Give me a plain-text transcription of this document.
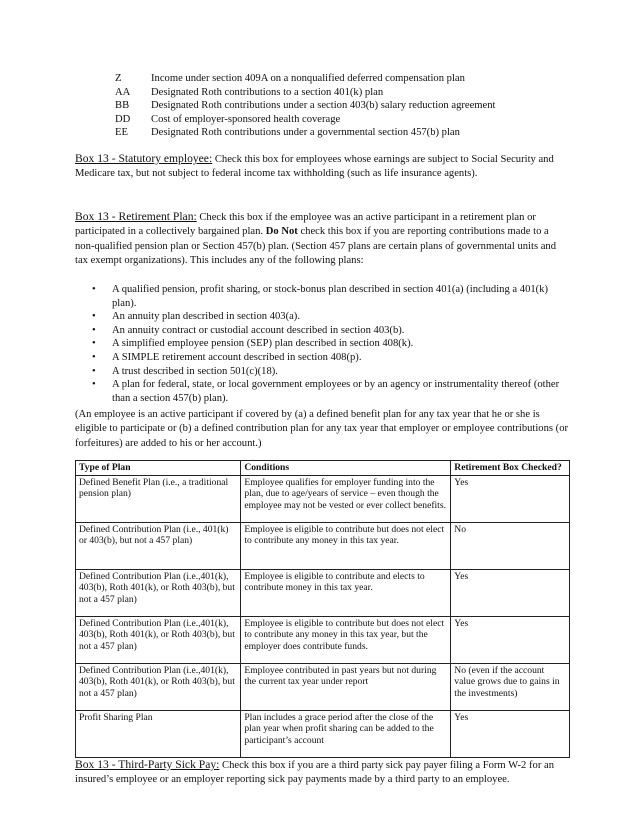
Z	Income under section 409A on a nonqualified deferred compensation plan
AA	Designated Roth contributions to a section 401(k) plan
BB	Designated Roth contributions under a section 403(b) salary reduction agreement
DD	Cost of employer-sponsored health coverage
EE	Designated Roth contributions under a governmental section 457(b) plan
Box 13 - Statutory employee: Check this box for employees whose earnings are subject to Social Security and Medicare tax, but not subject to federal income tax withholding (such as life insurance agents).
Box 13 - Retirement Plan: Check this box if the employee was an active participant in a retirement plan or participated in a collectively bargained plan. Do Not check this box if you are reporting contributions made to a non-qualified pension plan or Section 457(b) plan. (Section 457 plans are certain plans of governmental units and tax exempt organizations). This includes any of the following plans:
• A qualified pension, profit sharing, or stock-bonus plan described in section 401(a) (including a 401(k) plan).
• An annuity plan described in section 403(a).
• An annuity contract or custodial account described in section 403(b).
• A simplified employee pension (SEP) plan described in section 408(k).
• A SIMPLE retirement account described in section 408(p).
• A trust described in section 501(c)(18).
• A plan for federal, state, or local government employees or by an agency or instrumentality thereof (other than a section 457(b) plan).
(An employee is an active participant if covered by (a) a defined benefit plan for any tax year that he or she is eligible to participate or (b) a defined contribution plan for any tax year that employer or employee contributions (or forfeitures) are added to his or her account.)
Type of Plan	Conditions	Retirement Box Checked?
Defined Benefit Plan (i.e., a traditional pension plan)	Employee qualifies for employer funding into the plan, due to age/years of service – even though the employee may not be vested or ever collect benefits.	Yes
Defined Contribution Plan (i.e., 401(k) or 403(b), but not a 457 plan)	Employee is eligible to contribute but does not elect to contribute any money in this tax year.	No
Defined Contribution Plan (i.e.,401(k), 403(b), Roth 401(k), or Roth 403(b), but not a 457 plan)	Employee is eligible to contribute and elects to contribute money in this tax year.	Yes
Defined Contribution Plan (i.e.,401(k), 403(b), Roth 401(k), or Roth 403(b), but not a 457 plan)	Employee is eligible to contribute but does not elect to contribute any money in this tax year, but the employer does contribute funds.	Yes
Defined Contribution Plan (i.e.,401(k), 403(b), Roth 401(k), or Roth 403(b), but not a 457 plan)	Employee contributed in past years but not during the current tax year under report	No (even if the account value grows due to gains in the investments)
Profit Sharing Plan	Plan includes a grace period after the close of the plan year when profit sharing can be added to the participant’s account	Yes
Box 13 - Third-Party Sick Pay: Check this box if you are a third party sick pay payer filing a Form W-2 for an insured’s employee or an employer reporting sick pay payments made by a third party to an employee.
